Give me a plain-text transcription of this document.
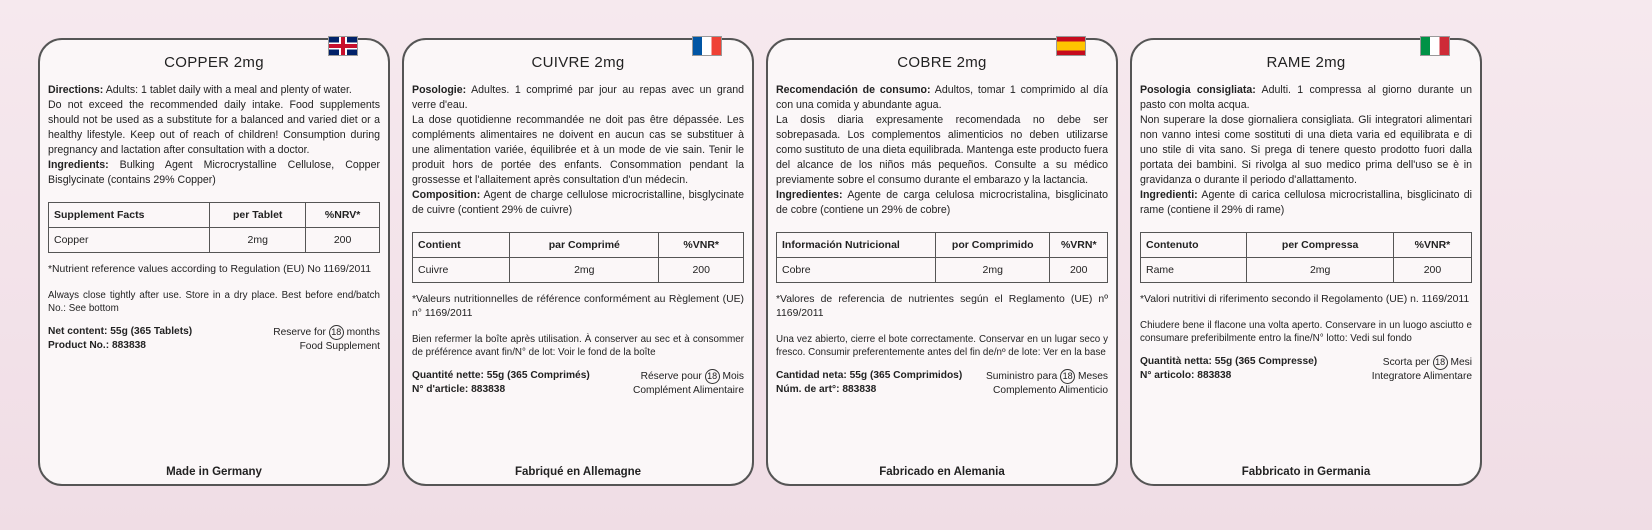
COPPER 2mg
Directions: Adults: 1 tablet daily with a meal and plenty of water.
Do not exceed the recommended daily intake. Food supplements should not be used as a substitute for a balanced and varied diet or a healthy lifestyle. Keep out of reach of children! Consumption during pregnancy and lactation after consultation with a doctor.
Ingredients: Bulking Agent Microcrystalline Cellulose, Copper Bisglycinate (contains 29% Copper)
Supplement Facts	per Tablet	%NRV*
Copper	2mg	200
*Nutrient reference values according to Regulation (EU) No 1169/2011
Always close tightly after use. Store in a dry place. Best before end/batch No.: See bottom
Net content: 55g (365 Tablets)
Product No.: 883838
Reserve for 18 months
Food Supplement
Made in Germany
CUIVRE 2mg
Posologie: Adultes. 1 comprimé par jour au repas avec un grand verre d'eau.
La dose quotidienne recommandée ne doit pas être dépassée. Les compléments alimentaires ne doivent en aucun cas se substituer à une alimentation variée, équilibrée et à un mode de vie sain. Tenir le produit hors de portée des enfants. Consommation pendant la grossesse et l'allaitement après consultation d'un médecin.
Composition: Agent de charge cellulose microcristalline, bisglycinate de cuivre (contient 29% de cuivre)
Contient	par Comprimé	%VNR*
Cuivre	2mg	200
*Valeurs nutritionnelles de référence conformément au Règlement (UE) n° 1169/2011
Bien refermer la boîte après utilisation. À conserver au sec et à consommer de préférence avant fin/N° de lot: Voir le fond de la boîte
Quantité nette: 55g (365 Comprimés)
N° d'article: 883838
Réserve pour 18 Mois
Complément Alimentaire
Fabriqué en Allemagne
COBRE 2mg
Recomendación de consumo: Adultos, tomar 1 comprimido al día con una comida y abundante agua.
La dosis diaria expresamente recomendada no debe ser sobrepasada. Los complementos alimenticios no deben utilizarse como sustituto de una dieta equilibrada. Mantenga este producto fuera del alcance de los niños más pequeños. Consulte a su médico previamente sobre el consumo durante el embarazo y la lactancia.
Ingredientes: Agente de carga celulosa microcristalina, bisglicinato de cobre (contiene un 29% de cobre)
Información Nutricional	por Comprimido	%VRN*
Cobre	2mg	200
*Valores de referencia de nutrientes según el Reglamento (UE) nº 1169/2011
Una vez abierto, cierre el bote correctamente. Conservar en un lugar seco y fresco. Consumir preferentemente antes del fin de/nº de lote: Ver en la base
Cantidad neta: 55g (365 Comprimidos)
Núm. de art°: 883838
Suministro para 18 Meses
Complemento Alimenticio
Fabricado en Alemania
RAME 2mg
Posologia consigliata: Adulti. 1 compressa al giorno durante un pasto con molta acqua.
Non superare la dose giornaliera consigliata. Gli integratori alimentari non vanno intesi come sostituti di una dieta varia ed equilibrata e di uno stile di vita sano. Si prega di tenere questo prodotto fuori dalla portata dei bambini. Si rivolga al suo medico prima dell'uso se è in gravidanza o durante il periodo d'allattamento.
Ingredienti: Agente di carica cellulosa microcristallina, bisglicinato di rame (contiene il 29% di rame)
Contenuto	per Compressa	%VNR*
Rame	2mg	200
*Valori nutritivi di riferimento secondo il Regolamento (UE) n. 1169/2011
Chiudere bene il flacone una volta aperto. Conservare in un luogo asciutto e consumare preferibilmente entro la fine/N° lotto: Vedi sul fondo
Quantità netta: 55g (365 Compresse)
N° articolo: 883838
Scorta per 18 Mesi
Integratore Alimentare
Fabbricato in Germania
